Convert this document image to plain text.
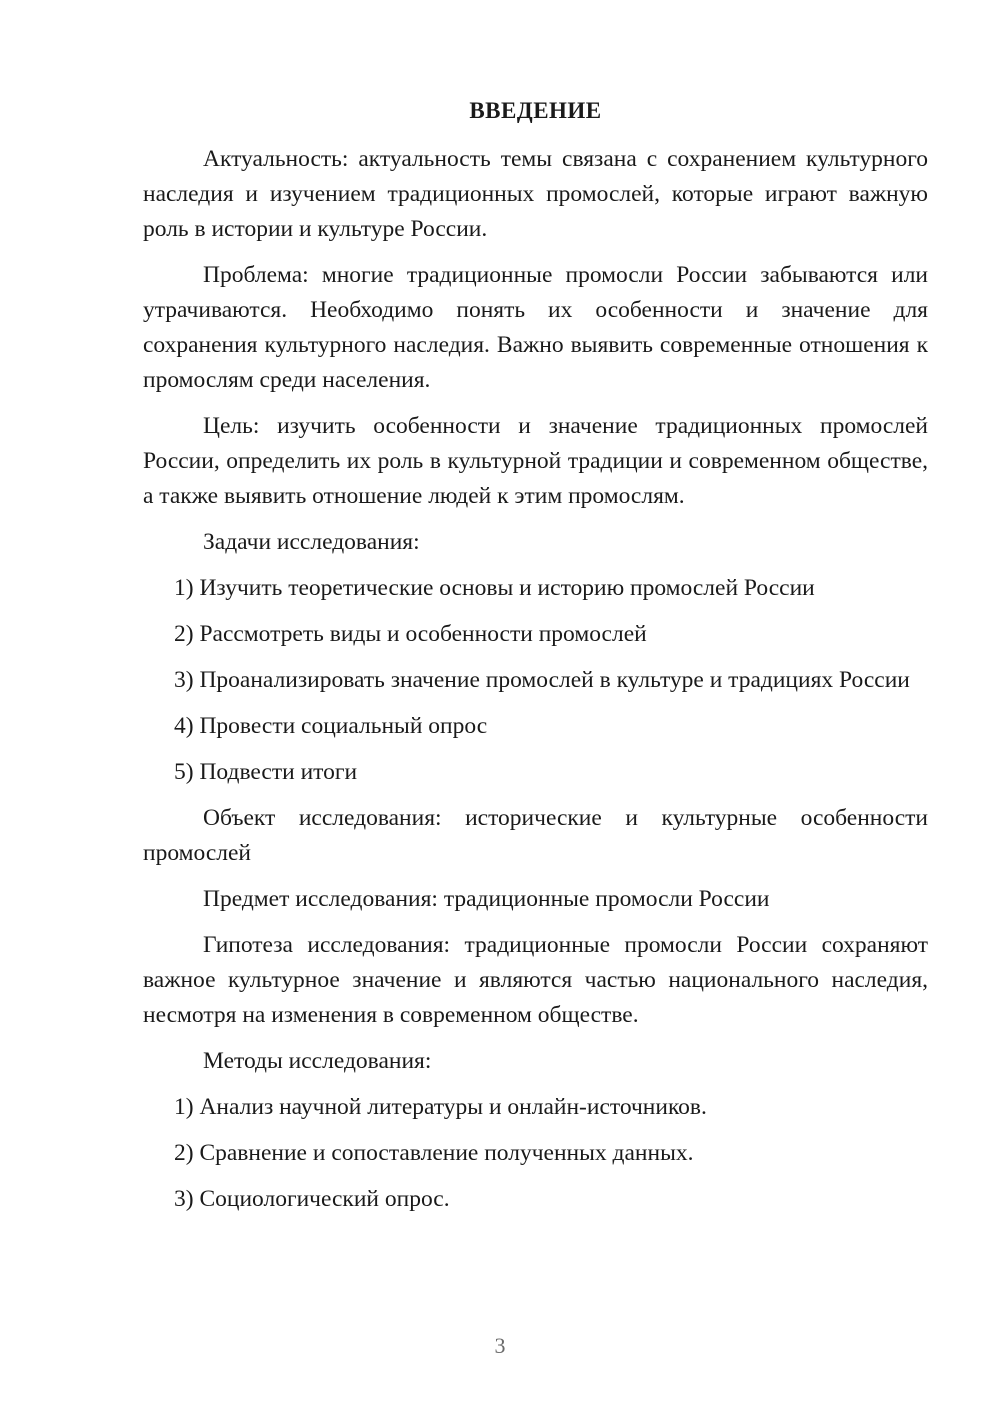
ВВЕДЕНИЕ

Актуальность: актуальность темы связана с сохранением культурного наследия и изучением традиционных промослей, которые играют важную роль в истории и культуре России.

Проблема: многие традиционные промосли России забываются или утрачиваются. Необходимо понять их особенности и значение для сохранения культурного наследия. Важно выявить современные отношения к промослям среди населения.

Цель: изучить особенности и значение традиционных промослей России, определить их роль в культурной традиции и современном обществе, а также выявить отношение людей к этим промослям.

Задачи исследования:

1) Изучить теоретические основы и историю промослей России

2) Рассмотреть виды и особенности промослей

3) Проанализировать значение промослей в культуре и традициях России

4) Провести социальный опрос

5) Подвести итоги

Объект исследования: исторические и культурные особенности промослей

Предмет исследования: традиционные промосли России

Гипотеза исследования: традиционные промосли России сохраняют важное культурное значение и являются частью национального наследия, несмотря на изменения в современном обществе.

Методы исследования:

1) Анализ научной литературы и онлайн-источников.

2) Сравнение и сопоставление полученных данных.

3) Социологический опрос.

3
